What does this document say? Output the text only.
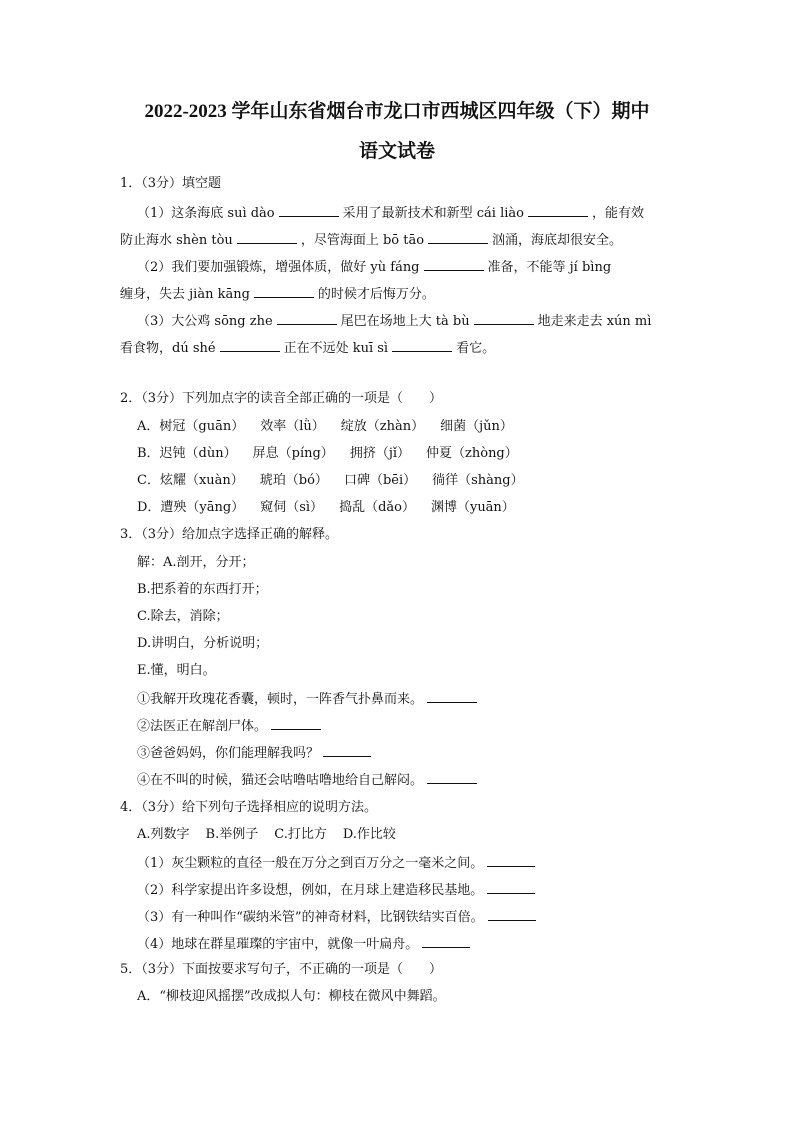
2022-2023 学年山东省烟台市龙口市西城区四年级（下）期中
语文试卷
1．（3分）填空题
（1）这条海底 suì dào	采用了最新技术和新型 cái liào	，能有效
防止海水 shèn tòu	，尽管海面上 bō tāo	汹涌，海底却很安全。
（2）我们要加强锻炼，增强体质，做好 yù fáng	准备，不能等 jí bìng
缠身，失去 jiàn kāng	的时候才后悔万分。
（3）大公鸡 sōng zhe	尾巴在场地上大 tà bù	地走来走去 xún mì
看食物，dú shé	正在不远处 kuī sì	看它。
2．（3分）下列加点字的读音全部正确的一项是（　　）
A．树冠（guān） 效率（lǜ） 绽放（zhàn） 细菌（jǔn）
B．迟钝（dùn） 屏息（píng） 拥挤（jǐ） 仲夏（zhòng）
C．炫耀（xuàn） 琥珀（bó） 口碑（bēi） 徜徉（shàng）
D．遭殃（yāng） 窥伺（sì） 捣乱（dǎo） 渊博（yuān）
3．（3分）给加点字选择正确的解释。
解：A.剖开，分开；
B.把系着的东西打开；
C.除去，消除；
D.讲明白，分析说明；
E.懂，明白。
①我解开玫瑰花香囊，顿时，一阵香气扑鼻而来。
②法医正在解剖尸体。
③爸爸妈妈，你们能理解我吗？
④在不叫的时候，猫还会咕噜咕噜地给自己解闷。
4．（3分）给下列句子选择相应的说明方法。
A.列数字 B.举例子 C.打比方 D.作比较
（1）灰尘颗粒的直径一般在万分之到百万分之一毫米之间。
（2）科学家提出许多设想，例如，在月球上建造移民基地。
（3）有一种叫作“碳纳米管”的神奇材料，比钢铁结实百倍。
（4）地球在群星璀璨的宇宙中，就像一叶扁舟。
5．（3分）下面按要求写句子，不正确的一项是（　　）
A．“柳枝迎风摇摆”改成拟人句：柳枝在微风中舞蹈。
